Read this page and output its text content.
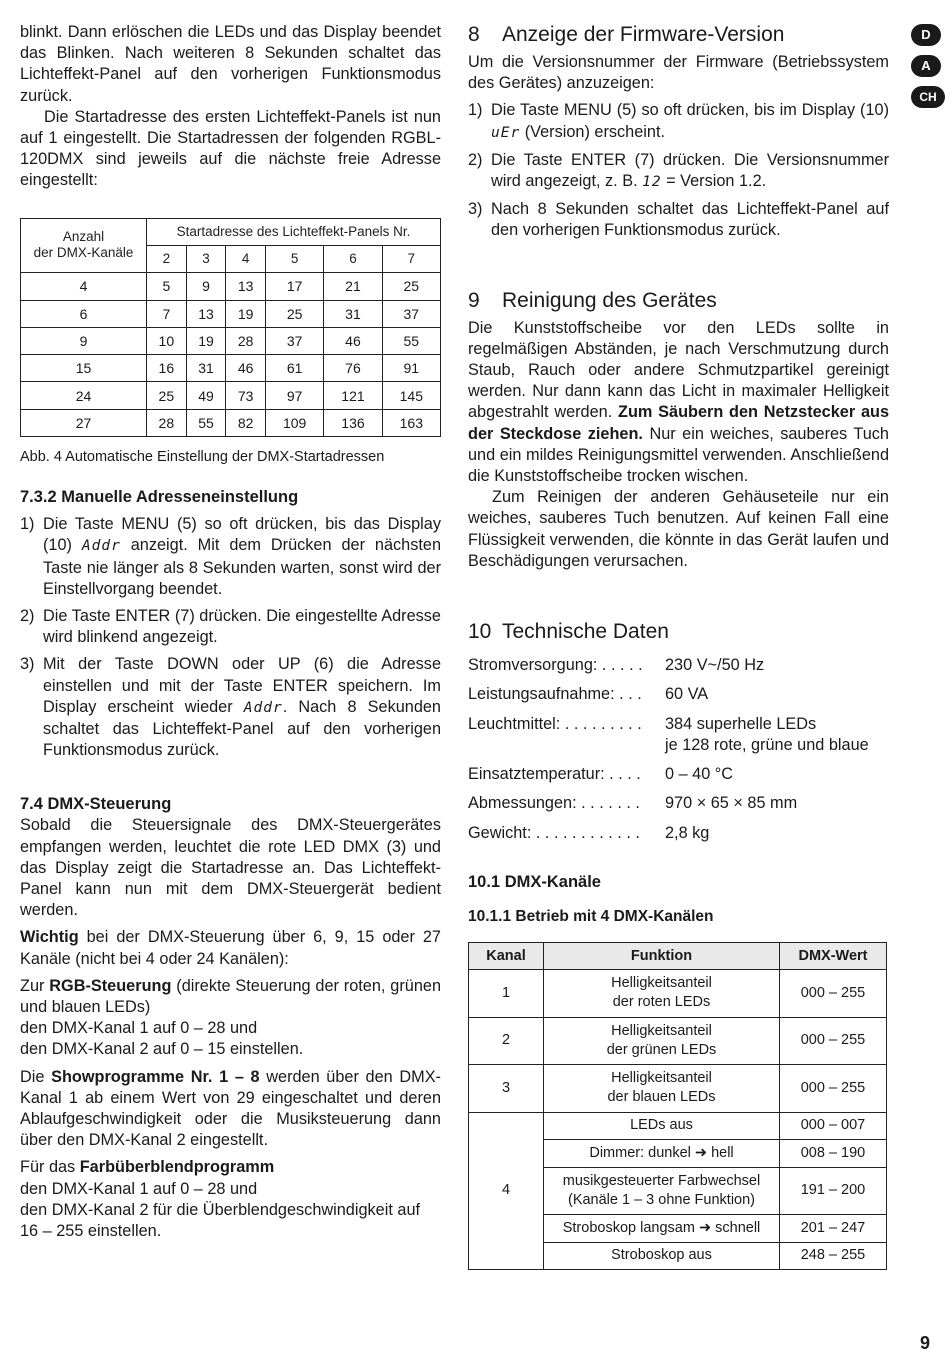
blinkt. Dann erlöschen die LEDs und das Display beendet das Blinken. Nach weiteren 8 Sekunden schaltet das Lichteffekt-Panel auf den vorherigen Funktionsmodus zurück.

Die Startadresse des ersten Lichteffekt-Panels ist nun auf 1 eingestellt. Die Startadressen der folgenden RGBL-120DMX sind jeweils auf die nächste freie Adresse eingestellt:

Anzahl
der DMX-Kanäle	Startadresse des Lichteffekt-Panels Nr.					
	2	3	4	5	6	7
4	5	9	13	17	21	25
6	7	13	19	25	31	37
9	10	19	28	37	46	55
15	16	31	46	61	76	91
24	25	49	73	97	121	145
27	28	55	82	109	136	163
Abb. 4 Automatische Einstellung der DMX-Startadressen
7.3.2 Manuelle Adresseneinstellung
1) Die Taste MENU (5) so oft drücken, bis das Display (10) Addr anzeigt. Mit dem Drücken der nächsten Taste nie länger als 8 Sekunden warten, sonst wird der Einstellvorgang beendet.
2) Die Taste ENTER (7) drücken. Die eingestellte Adresse wird blinkend angezeigt.
3) Mit der Taste DOWN oder UP (6) die Adresse einstellen und mit der Taste ENTER speichern. Im Display erscheint wieder Addr. Nach 8 Sekunden schaltet das Lichteffekt-Panel auf den vorherigen Funktionsmodus zurück.
7.4 DMX-Steuerung

Sobald die Steuersignale des DMX-Steuergerätes empfangen werden, leuchtet die rote LED DMX (3) und das Display zeigt die Startadresse an. Das Lichteffekt-Panel kann nun mit dem DMX-Steuergerät bedient werden.

Wichtig bei der DMX-Steuerung über 6, 9, 15 oder 27 Kanäle (nicht bei 4 oder 24 Kanälen):

Zur RGB-Steuerung (direkte Steuerung der roten, grünen und blauen LEDs)
den DMX-Kanal 1 auf 0 – 28 und
den DMX-Kanal 2 auf 0 – 15 einstellen.

Die Showprogramme Nr. 1 – 8 werden über den DMX-Kanal 1 ab einem Wert von 29 eingeschaltet und deren Ablaufgeschwindigkeit oder die Musiksteuerung dann über den DMX-Kanal 2 eingestellt.

Für das Farbüberblendprogramm
den DMX-Kanal 1 auf 0 – 28 und
den DMX-Kanal 2 für die Überblendgeschwindigkeit auf 16 – 255 einstellen.

8 Anzeige der Firmware-Version

Um die Versionsnummer der Firmware (Betriebssystem des Gerätes) anzuzeigen:

1) Die Taste MENU (5) so oft drücken, bis im Display (10) uEr (Version) erscheint.
2) Die Taste ENTER (7) drücken. Die Versionsnummer wird angezeigt, z. B. 12 = Version 1.2.
3) Nach 8 Sekunden schaltet das Lichteffekt-Panel auf den vorherigen Funktionsmodus zurück.
9 Reinigung des Gerätes

Die Kunststoffscheibe vor den LEDs sollte in regelmäßigen Abständen, je nach Verschmutzung durch Staub, Rauch oder andere Schmutzpartikel gereinigt werden. Nur dann kann das Licht in maximaler Helligkeit abgestrahlt werden. Zum Säubern den Netzstecker aus der Steckdose ziehen. Nur ein weiches, sauberes Tuch und ein mildes Reinigungsmittel verwenden. Anschließend die Kunststoffscheibe trocken wischen.

Zum Reinigen der anderen Gehäuseteile nur ein weiches, sauberes Tuch benutzen. Auf keinen Fall eine Flüssigkeit verwenden, die könnte in das Gerät laufen und Beschädigungen verursachen.

10 Technische Daten
Stromversorgung: . . . . .	230 V~/50 Hz
Leistungsaufnahme: . . .	60 VA
Leuchtmittel: . . . . . . . . .	384 superhelle LEDs
je 128 rote, grüne und blaue
Einsatztemperatur: . . . .	0 – 40 °C
Abmessungen: . . . . . . .	970 × 65 × 85 mm
Gewicht: . . . . . . . . . . . .	2,8 kg
10.1 DMX-Kanäle
10.1.1 Betrieb mit 4 DMX-Kanälen
Kanal	Funktion	DMX-Wert
1	Helligkeitsanteil
der roten LEDs	000 – 255
2	Helligkeitsanteil
der grünen LEDs	000 – 255
3	Helligkeitsanteil
der blauen LEDs	000 – 255
4	LEDs aus	000 – 007
	Dimmer: dunkel ➜ hell	008 – 190
	musikgesteuerter Farbwechsel
(Kanäle 1 – 3 ohne Funktion)	191 – 200
	Stroboskop langsam ➜ schnell	201 – 247
	Stroboskop aus	248 – 255
D
A
CH
9
